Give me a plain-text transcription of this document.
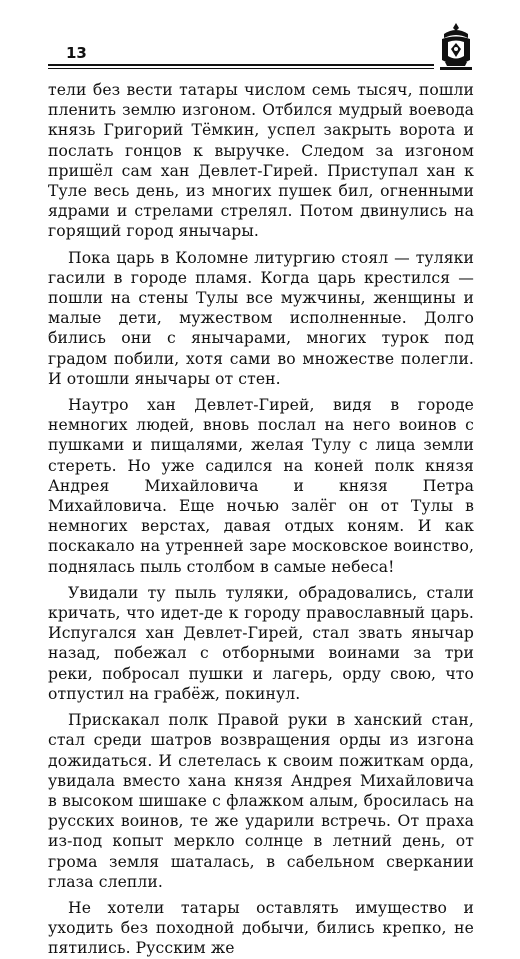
13

тели без вести татары числом семь тысяч, пошли пленить землю изгоном. Отбился мудрый воевода князь Григорий Тёмкин, успел закрыть ворота и послать гонцов к выручке. Следом за изгоном пришёл сам хан Девлет-Гирей. Приступал хан к Туле весь день, из многих пушек бил, огненными ядрами и стрелами стрелял. Потом двинулись на горящий город янычары.

Пока царь в Коломне литургию стоял — туляки гасили в городе пламя. Когда царь крестился — пошли на стены Тулы все мужчины, женщины и малые дети, мужеством исполненные. Долго бились они с янычарами, многих турок под градом побили, хотя сами во множестве полегли. И отошли янычары от стен.

Наутро хан Девлет-Гирей, видя в городе немногих людей, вновь послал на него воинов с пушками и пищалями, желая Тулу с лица земли стереть. Но уже садился на коней полк князя Андрея Михайловича и князя Петра Михайловича. Еще ночью залёг он от Тулы в немногих верстах, давая отдых коням. И как поскакало на утренней заре московское воинство, поднялась пыль столбом в самые небеса!

Увидали ту пыль туляки, обрадовались, стали кричать, что идет-де к городу православный царь. Испугался хан Девлет-Гирей, стал звать янычар назад, побежал с отборными воинами за три реки, побросал пушки и лагерь, орду свою, что отпустил на грабёж, покинул.

Прискакал полк Правой руки в ханский стан, стал среди шатров возвращения орды из изгона дожидаться. И слетелась к своим пожиткам орда, увидала вместо хана князя Андрея Михайловича в высоком шишаке с флажком алым, бросилась на русских воинов, те же ударили встречь. От праха из-под копыт меркло солнце в летний день, от грома земля шаталась, в сабельном сверкании глаза слепли.

Не хотели татары оставлять имущество и уходить без походной добычи, бились крепко, не пятились. Русским же
